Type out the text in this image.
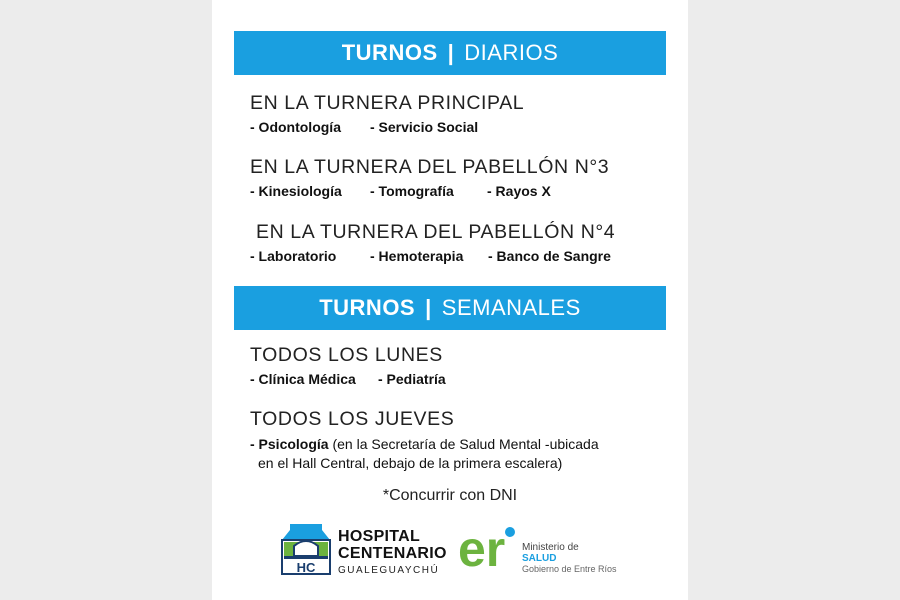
TURNOS | DIARIOS
EN LA TURNERA PRINCIPAL
- Odontología - Servicio Social
EN LA TURNERA DEL PABELLÓN N°3
- Kinesiología - Tomografía - Rayos X
EN LA TURNERA DEL PABELLÓN N°4
- Laboratorio - Hemoterapia - Banco de Sangre
TURNOS | SEMANALES
TODOS LOS LUNES
- Clínica Médica - Pediatría
TODOS LOS JUEVES
- Psicología (en la Secretaría de Salud Mental -ubicada
en el Hall Central, debajo de la primera escalera)
*Concurrir con DNI
HC
HOSPITAL
CENTENARIO
GUALEGUAYCHÚ er Ministerio de
SALUD
Gobierno de Entre Ríos
